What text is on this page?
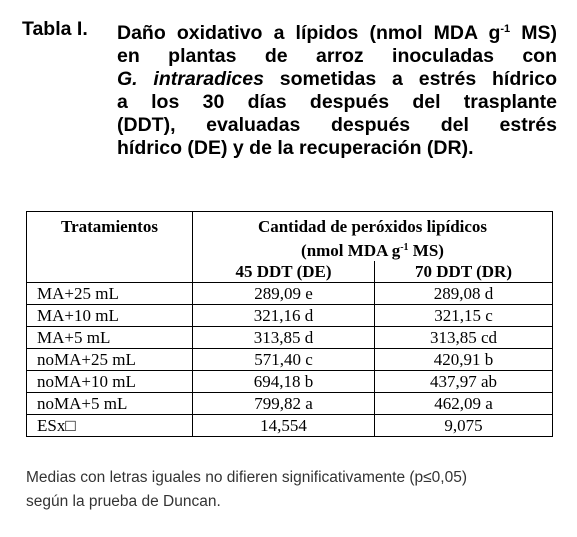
Tabla I. Daño oxidativo a lípidos (nmol MDA $g^{-1}$ MS)
en plantas de arroz inoculadas con
G. intraradices sometidas a estrés hídrico
a los 30 días después del trasplante
(DDT), evaluadas después del estrés
hídrico (DE) y de la recuperación (DR).
Tratamientos	Cantidad de peróxidos lipídicos
(nmol MDA $g^{-1}$ MS)	

	45 DDT (DE)	70 DDT (DR)
MA+25 mL	289,09 e	289,08 d
MA+10 mL	321,16 d	321,15 c
MA+5 mL	313,85 d	313,85 cd
noMA+25 mL	571,40 c	420,91 b
noMA+10 mL	694,18 b	437,97 ab
noMA+5 mL	799,82 a	462,09 a
ESx□	14,554	9,075
Medias con letras iguales no difieren significativamente (p≤0,05)
según la prueba de Duncan.
